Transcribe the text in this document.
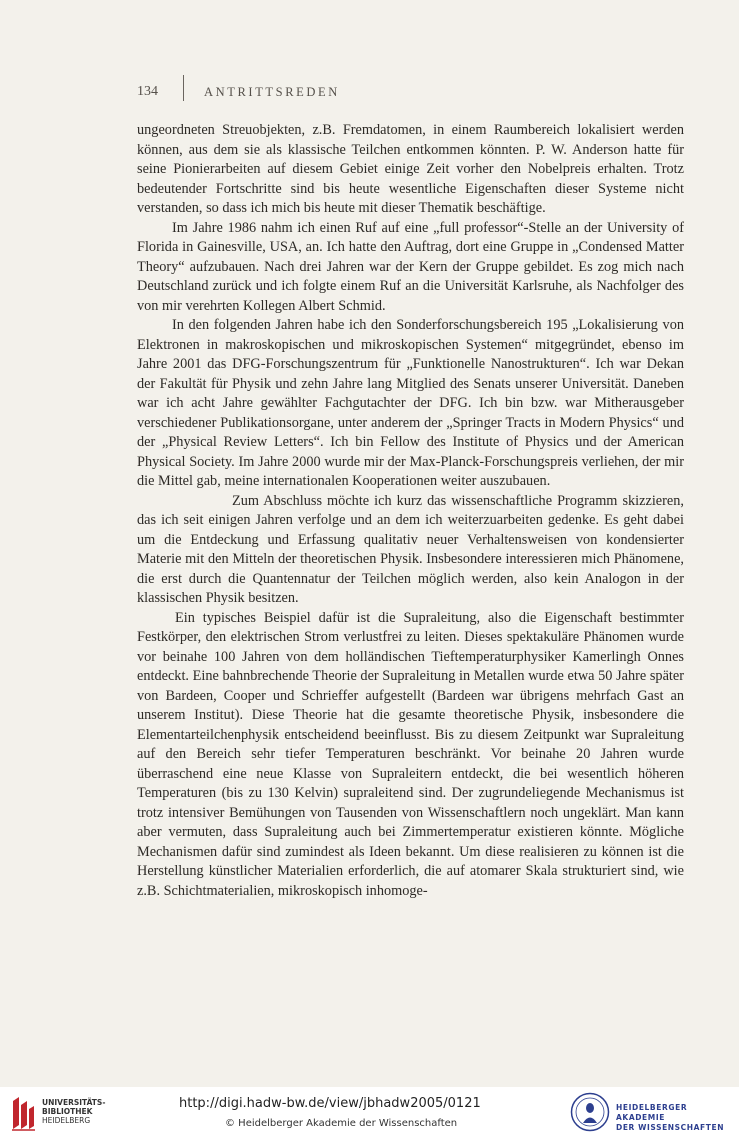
134	ANTRITTSREDEN

ungeordneten Streuobjekten, z.B. Fremdatomen, in einem Raumbereich lokalisiert werden können, aus dem sie als klassische Teilchen entkommen könnten. P. W. Anderson hatte für seine Pionierarbeiten auf diesem Gebiet einige Zeit vorher den Nobelpreis erhalten. Trotz bedeutender Fortschritte sind bis heute wesentliche Eigenschaften dieser Systeme nicht verstanden, so dass ich mich bis heute mit dieser Thematik beschäftige.

Im Jahre 1986 nahm ich einen Ruf auf eine „full professor“-Stelle an der University of Florida in Gainesville, USA, an. Ich hatte den Auftrag, dort eine Gruppe in „Condensed Matter Theory“ aufzubauen. Nach drei Jahren war der Kern der Gruppe gebildet. Es zog mich nach Deutschland zurück und ich folgte einem Ruf an die Universität Karlsruhe, als Nachfolger des von mir verehrten Kollegen Albert Schmid.

In den folgenden Jahren habe ich den Sonderforschungsbereich 195 „Lokalisierung von Elektronen in makroskopischen und mikroskopischen Systemen“ mitgegründet, ebenso im Jahre 2001 das DFG-Forschungszentrum für „Funktionelle Nanostrukturen“. Ich war Dekan der Fakultät für Physik und zehn Jahre lang Mitglied des Senats unserer Universität. Daneben war ich acht Jahre gewählter Fachgutachter der DFG. Ich bin bzw. war Mitherausgeber verschiedener Publikationsorgane, unter anderem der „Springer Tracts in Modern Physics“ und der „Physical Review Letters“. Ich bin Fellow des Institute of Physics und der American Physical Society. Im Jahre 2000 wurde mir der Max-Planck-Forschungspreis verliehen, der mir die Mittel gab, meine internationalen Kooperationen weiter auszubauen.

Zum Abschluss möchte ich kurz das wissenschaftliche Programm skizzieren, das ich seit einigen Jahren verfolge und an dem ich weiterzuarbeiten gedenke. Es geht dabei um die Entdeckung und Erfassung qualitativ neuer Verhaltensweisen von kondensierter Materie mit den Mitteln der theoretischen Physik. Insbesondere interessieren mich Phänomene, die erst durch die Quantennatur der Teilchen möglich werden, also kein Analogon in der klassischen Physik besitzen.

Ein typisches Beispiel dafür ist die Supraleitung, also die Eigenschaft bestimmter Festkörper, den elektrischen Strom verlustfrei zu leiten. Dieses spektakuläre Phänomen wurde vor beinahe 100 Jahren von dem holländischen Tieftemperaturphysiker Kamerlingh Onnes entdeckt. Eine bahnbrechende Theorie der Supraleitung in Metallen wurde etwa 50 Jahre später von Bardeen, Cooper und Schrieffer aufgestellt (Bardeen war übrigens mehrfach Gast an unserem Institut). Diese Theorie hat die gesamte theoretische Physik, insbesondere die Elementarteilchenphysik entscheidend beeinflusst. Bis zu diesem Zeitpunkt war Supraleitung auf den Bereich sehr tiefer Temperaturen beschränkt. Vor beinahe 20 Jahren wurde überraschend eine neue Klasse von Supraleitern entdeckt, die bei wesentlich höheren Temperaturen (bis zu 130 Kelvin) supraleitend sind. Der zugrundeliegende Mechanismus ist trotz intensiver Bemühungen von Tausenden von Wissenschaftlern noch ungeklärt. Man kann aber vermuten, dass Supraleitung auch bei Zimmertemperatur existieren könnte. Mögliche Mechanismen dafür sind zumindest als Ideen bekannt. Um diese realisieren zu können ist die Herstellung künstlicher Materialien erforderlich, die auf atomarer Skala strukturiert sind, wie z.B. Schichtmaterialien, mikroskopisch inhomoge-

UNIVERSITÄTS-
BIBLIOTHEK
HEIDELBERG
http://digi.hadw-bw.de/view/jbhadw2005/0121
© Heidelberger Akademie der Wissenschaften
HEIDELBERGER AKADEMIE
DER WISSENSCHAFTEN
